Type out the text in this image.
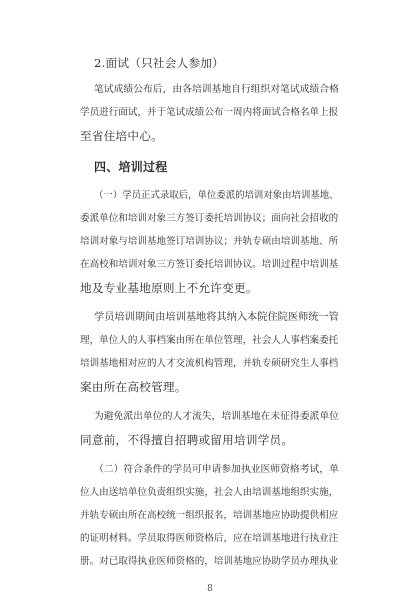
2.面试（只社会人参加）
笔试成绩公布后，由各培训基地自行组织对笔试成绩合格
学员进行面试，并于笔试成绩公布一周内将面试合格名单上报
至省住培中心。
四、培训过程
（一）学员正式录取后，单位委派的培训对象由培训基地、
委派单位和培训对象三方签订委托培训协议；面向社会招收的
培训对象与培训基地签订培训协议；并轨专硕由培训基地、所
在高校和培训对象三方签订委托培训协议。培训过程中培训基
地及专业基地原则上不允许变更。
学员培训期间由培训基地将其纳入本院住院医师统一管
理，单位人的人事档案由所在单位管理，社会人人事档案委托
培训基地相对应的人才交流机构管理，并轨专硕研究生人事档
案由所在高校管理。
为避免派出单位的人才流失，培训基地在未征得委派单位
同意前，不得擅自招聘或留用培训学员。
（二）符合条件的学员可申请参加执业医师资格考试，单
位人由送培单位负责组织实施，社会人由培训基地组织实施，
并轨专硕由所在高校统一组织报名，培训基地应协助提供相应
的证明材料。学员取得医师资格后，应在培训基地进行执业注
册。对已取得执业医师资格的，培训基地应协助学员办理执业
8
